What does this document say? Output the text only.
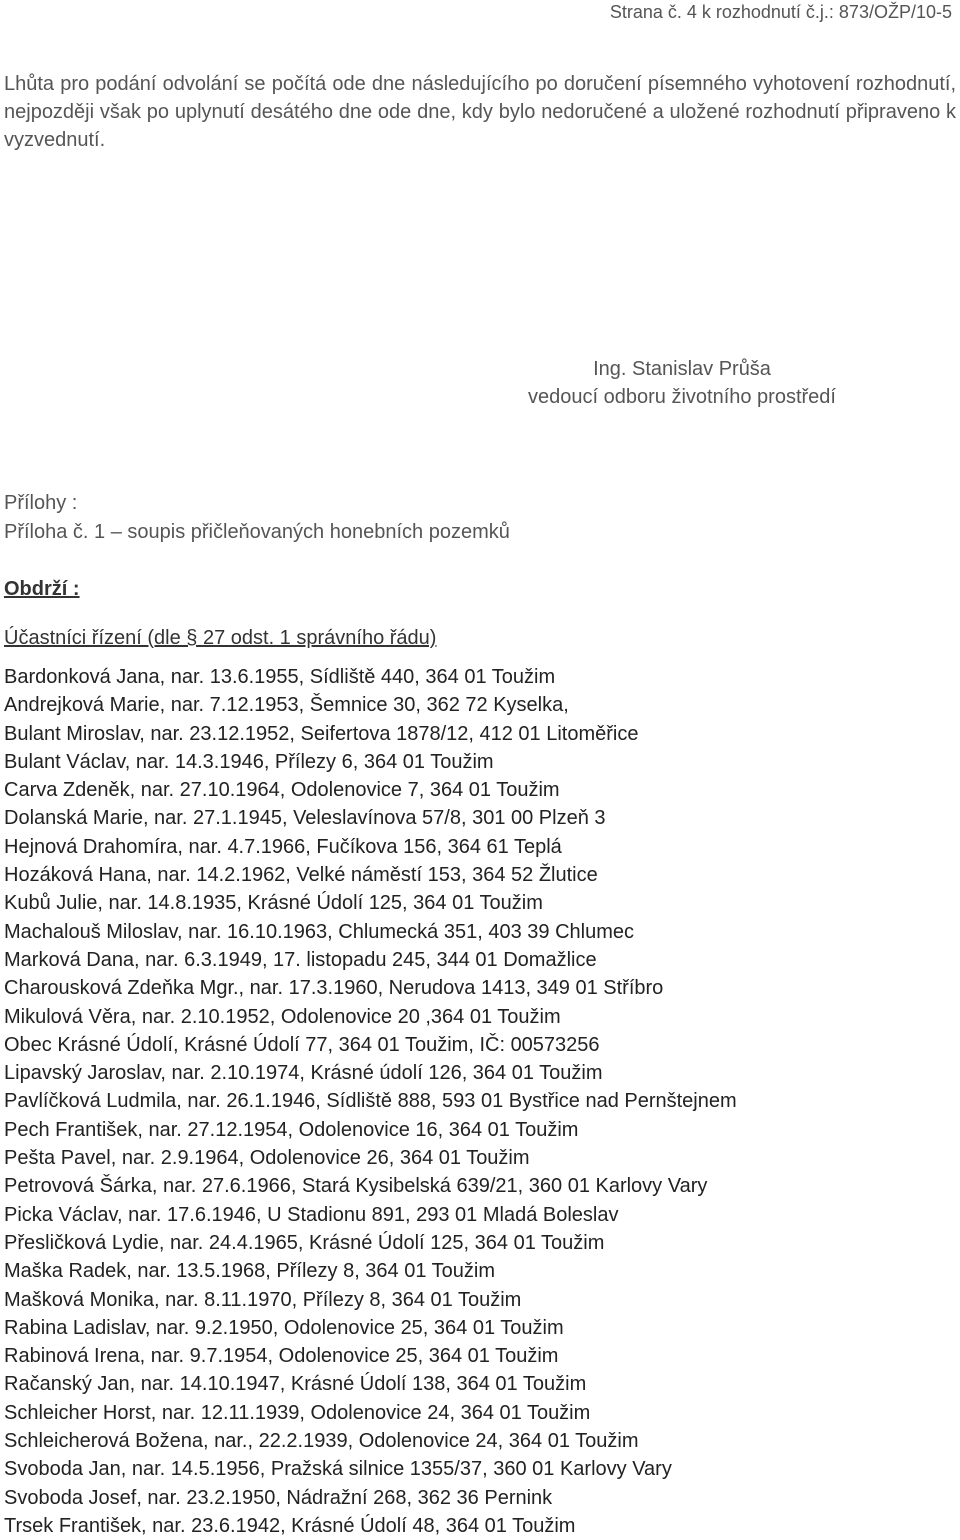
Strana č. 4 k rozhodnutí č.j.: 873/OŽP/10-5
Lhůta pro podání odvolání se počítá ode dne následujícího po doručení písemného vyhotovení rozhodnutí, nejpozději však po uplynutí desátého dne ode dne, kdy bylo nedoručené a uložené rozhodnutí připraveno k vyzvednutí.
Ing. Stanislav Průša
vedoucí odboru životního prostředí
Přílohy :
Příloha č. 1 – soupis přičleňovaných honebních pozemků
Obdrží :
Účastníci řízení (dle § 27 odst. 1 správního řádu)
Bardonková Jana, nar. 13.6.1955, Sídliště 440, 364 01 Toužim
Andrejková Marie, nar. 7.12.1953, Šemnice 30, 362 72 Kyselka,
Bulant Miroslav, nar. 23.12.1952, Seifertova 1878/12, 412 01 Litoměřice
Bulant Václav, nar. 14.3.1946, Přílezy 6, 364 01 Toužim
Carva Zdeněk, nar. 27.10.1964, Odolenovice 7, 364 01 Toužim
Dolanská Marie, nar. 27.1.1945, Veleslavínova 57/8, 301 00 Plzeň 3
Hejnová Drahomíra, nar. 4.7.1966, Fučíkova 156, 364 61 Teplá
Hozáková Hana, nar. 14.2.1962, Velké náměstí 153, 364 52 Žlutice
Kubů Julie, nar. 14.8.1935, Krásné Údolí 125, 364 01 Toužim
Machalouš Miloslav, nar. 16.10.1963, Chlumecká 351, 403 39 Chlumec
Marková Dana, nar. 6.3.1949, 17. listopadu 245, 344 01 Domažlice
Charousková Zdeňka Mgr., nar. 17.3.1960, Nerudova 1413, 349 01 Stříbro
Mikulová Věra, nar. 2.10.1952, Odolenovice 20 ,364 01 Toužim
Obec Krásné Údolí, Krásné Údolí 77, 364 01 Toužim, IČ: 00573256
Lipavský Jaroslav, nar. 2.10.1974, Krásné údolí 126, 364 01 Toužim
Pavlíčková Ludmila, nar. 26.1.1946, Sídliště 888, 593 01 Bystřice nad Pernštejnem
Pech František, nar. 27.12.1954, Odolenovice 16, 364 01 Toužim
Pešta Pavel, nar. 2.9.1964, Odolenovice 26, 364 01 Toužim
Petrovová Šárka, nar. 27.6.1966, Stará Kysibelská 639/21, 360 01 Karlovy Vary
Picka Václav, nar. 17.6.1946, U Stadionu 891, 293 01 Mladá Boleslav
Přesličková Lydie, nar. 24.4.1965, Krásné Údolí 125, 364 01 Toužim
Maška Radek, nar. 13.5.1968, Přílezy 8, 364 01 Toužim
Mašková Monika, nar. 8.11.1970, Přílezy 8, 364 01 Toužim
Rabina Ladislav, nar. 9.2.1950, Odolenovice 25, 364 01 Toužim
Rabinová Irena, nar. 9.7.1954, Odolenovice 25, 364 01 Toužim
Račanský Jan, nar. 14.10.1947, Krásné Údolí 138, 364 01 Toužim
Schleicher Horst, nar. 12.11.1939, Odolenovice 24, 364 01 Toužim
Schleicherová Božena, nar., 22.2.1939, Odolenovice 24, 364 01 Toužim
Svoboda Jan, nar. 14.5.1956, Pražská silnice 1355/37, 360 01 Karlovy Vary
Svoboda Josef, nar. 23.2.1950, Nádražní 268, 362 36 Pernink
Trsek František, nar. 23.6.1942, Krásné Údolí 48, 364 01 Toužim
